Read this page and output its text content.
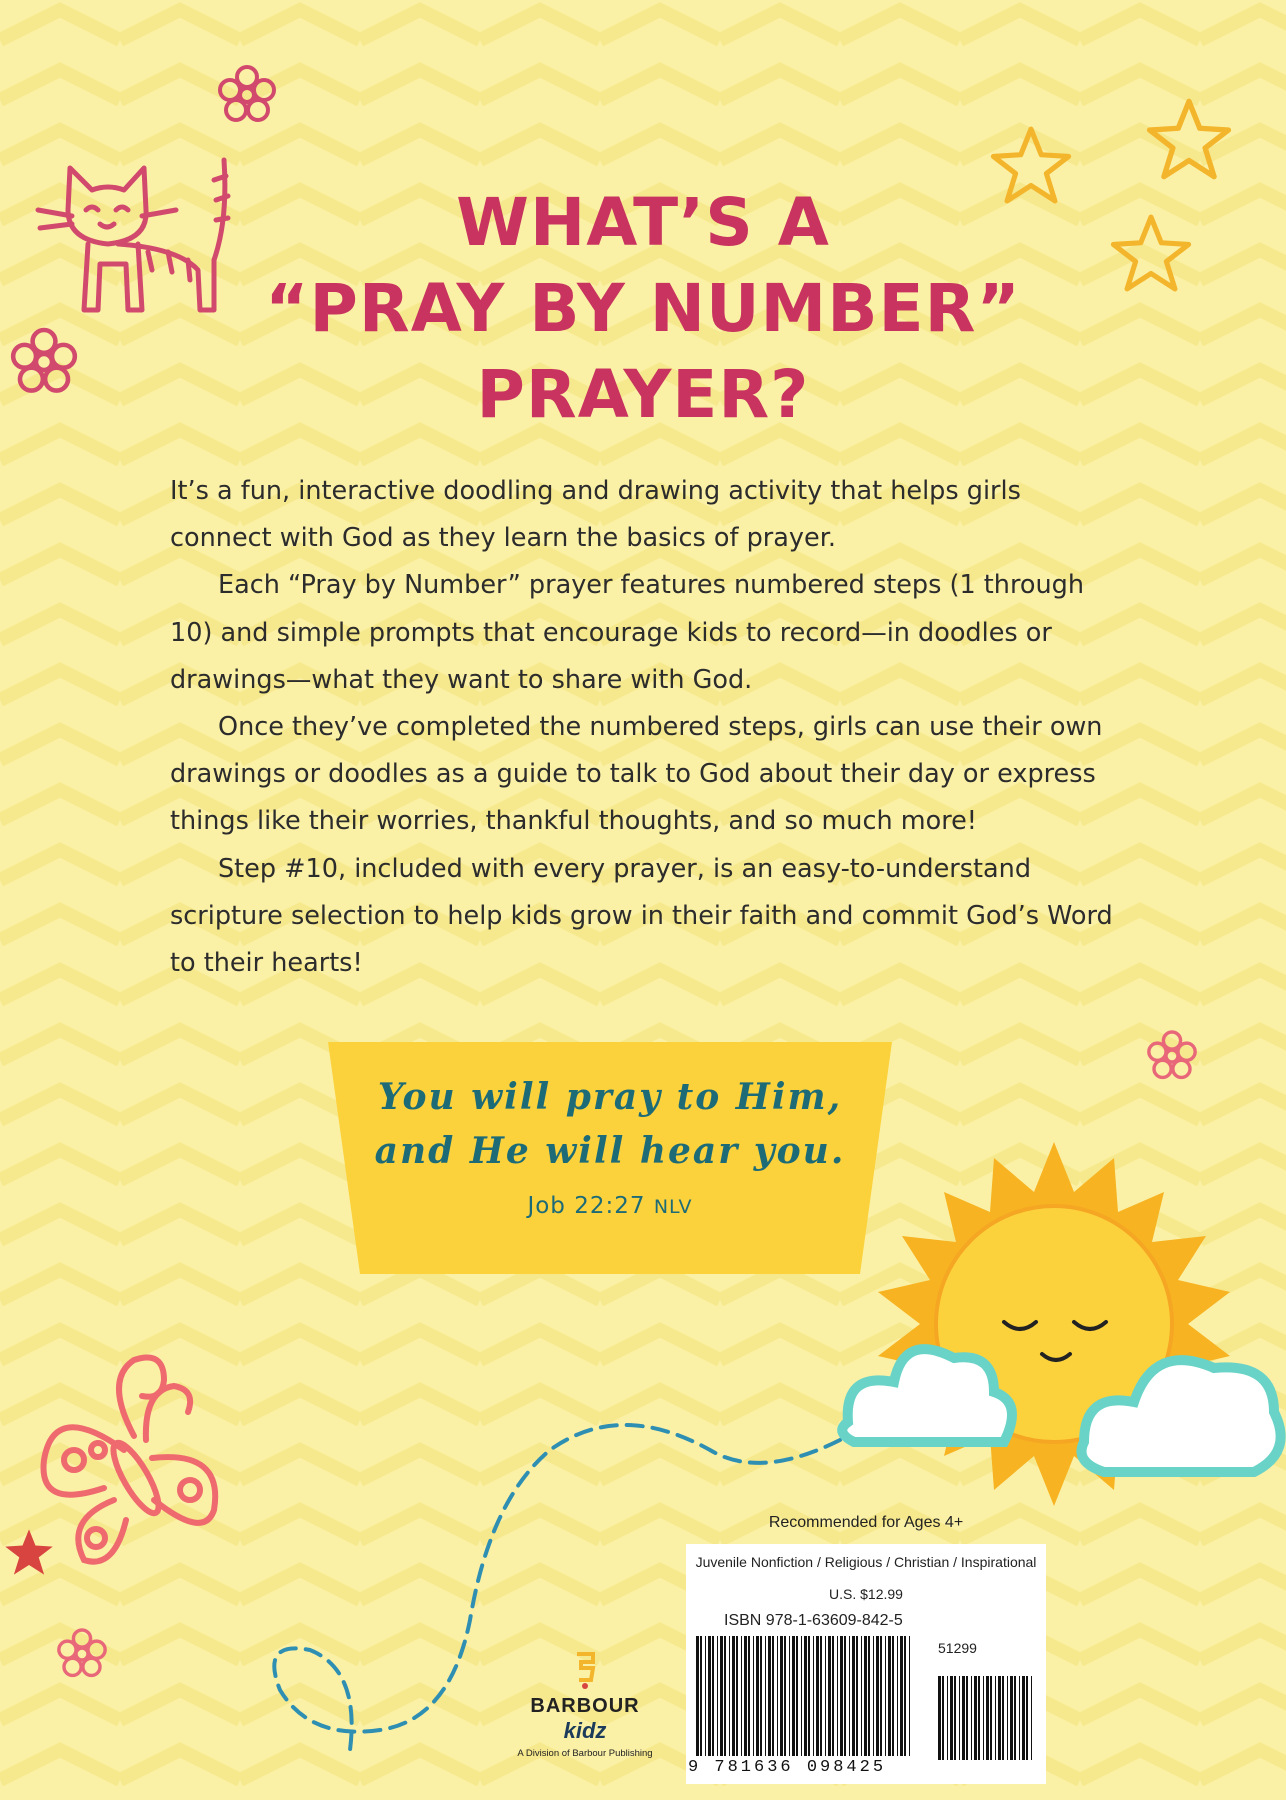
WHAT’S A
“PRAY BY NUMBER”
PRAYER?

It’s a fun, interactive doodling and drawing activity that helps girls connect with God as they learn the basics of prayer.

Each “Pray by Number” prayer features numbered steps (1 through 10) and simple prompts that encourage kids to record—in doodles or drawings—what they want to share with God.

Once they’ve completed the numbered steps, girls can use their own drawings or doodles as a guide to talk to God about their day or express things like their worries, thankful thoughts, and so much more!

Step #10, included with every prayer, is an easy-to-understand scripture selection to help kids grow in their faith and commit God’s Word to their hearts!

You will pray to Him,
and He will hear you.
Job 22:27 NLV
BARBOUR
kidz
A Division of Barbour Publishing
Recommended for Ages 4+
Juvenile Nonfiction / Religious / Christian / Inspirational
U.S. $12.99
ISBN 978-1-63609-842-5
51299
9 781636 098425
